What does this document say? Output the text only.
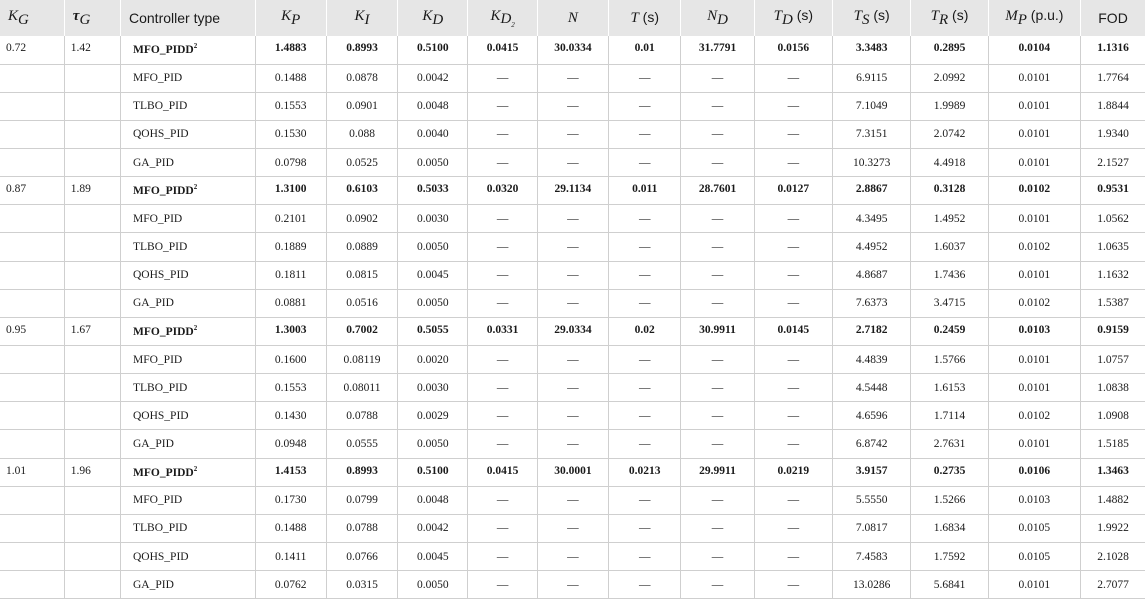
$K_G$	$\tau_G$	Controller type	$K_P$	$K_I$	$K_D$	$K_{D_2}$	N	T (s)	$N_D$	$T_D$ (s)	$T_S$ (s)	$T_R$ (s)	$M_P$ (p.u.)	FOD
0.72	1.42	MFO_PIDD$^2$	1.4883	0.8993	0.5100	0.0415	30.0334	0.01	31.7791	0.0156	3.3483	0.2895	0.0104	1.1316
		MFO_PID	0.1488	0.0878	0.0042	—	—	—	—	—	6.9115	2.0992	0.0101	1.7764
		TLBO_PID	0.1553	0.0901	0.0048	—	—	—	—	—	7.1049	1.9989	0.0101	1.8844
		QOHS_PID	0.1530	0.088	0.0040	—	—	—	—	—	7.3151	2.0742	0.0101	1.9340
		GA_PID	0.0798	0.0525	0.0050	—	—	—	—	—	10.3273	4.4918	0.0101	2.1527
0.87	1.89	MFO_PIDD$^2$	1.3100	0.6103	0.5033	0.0320	29.1134	0.011	28.7601	0.0127	2.8867	0.3128	0.0102	0.9531
		MFO_PID	0.2101	0.0902	0.0030	—	—	—	—	—	4.3495	1.4952	0.0101	1.0562
		TLBO_PID	0.1889	0.0889	0.0050	—	—	—	—	—	4.4952	1.6037	0.0102	1.0635
		QOHS_PID	0.1811	0.0815	0.0045	—	—	—	—	—	4.8687	1.7436	0.0101	1.1632
		GA_PID	0.0881	0.0516	0.0050	—	—	—	—	—	7.6373	3.4715	0.0102	1.5387
0.95	1.67	MFO_PIDD$^2$	1.3003	0.7002	0.5055	0.0331	29.0334	0.02	30.9911	0.0145	2.7182	0.2459	0.0103	0.9159
		MFO_PID	0.1600	0.08119	0.0020	—	—	—	—	—	4.4839	1.5766	0.0101	1.0757
		TLBO_PID	0.1553	0.08011	0.0030	—	—	—	—	—	4.5448	1.6153	0.0101	1.0838
		QOHS_PID	0.1430	0.0788	0.0029	—	—	—	—	—	4.6596	1.7114	0.0102	1.0908
		GA_PID	0.0948	0.0555	0.0050	—	—	—	—	—	6.8742	2.7631	0.0101	1.5185
1.01	1.96	MFO_PIDD$^2$	1.4153	0.8993	0.5100	0.0415	30.0001	0.0213	29.9911	0.0219	3.9157	0.2735	0.0106	1.3463
		MFO_PID	0.1730	0.0799	0.0048	—	—	—	—	—	5.5550	1.5266	0.0103	1.4882
		TLBO_PID	0.1488	0.0788	0.0042	—	—	—	—	—	7.0817	1.6834	0.0105	1.9922
		QOHS_PID	0.1411	0.0766	0.0045	—	—	—	—	—	7.4583	1.7592	0.0105	2.1028
		GA_PID	0.0762	0.0315	0.0050	—	—	—	—	—	13.0286	5.6841	0.0101	2.7077
